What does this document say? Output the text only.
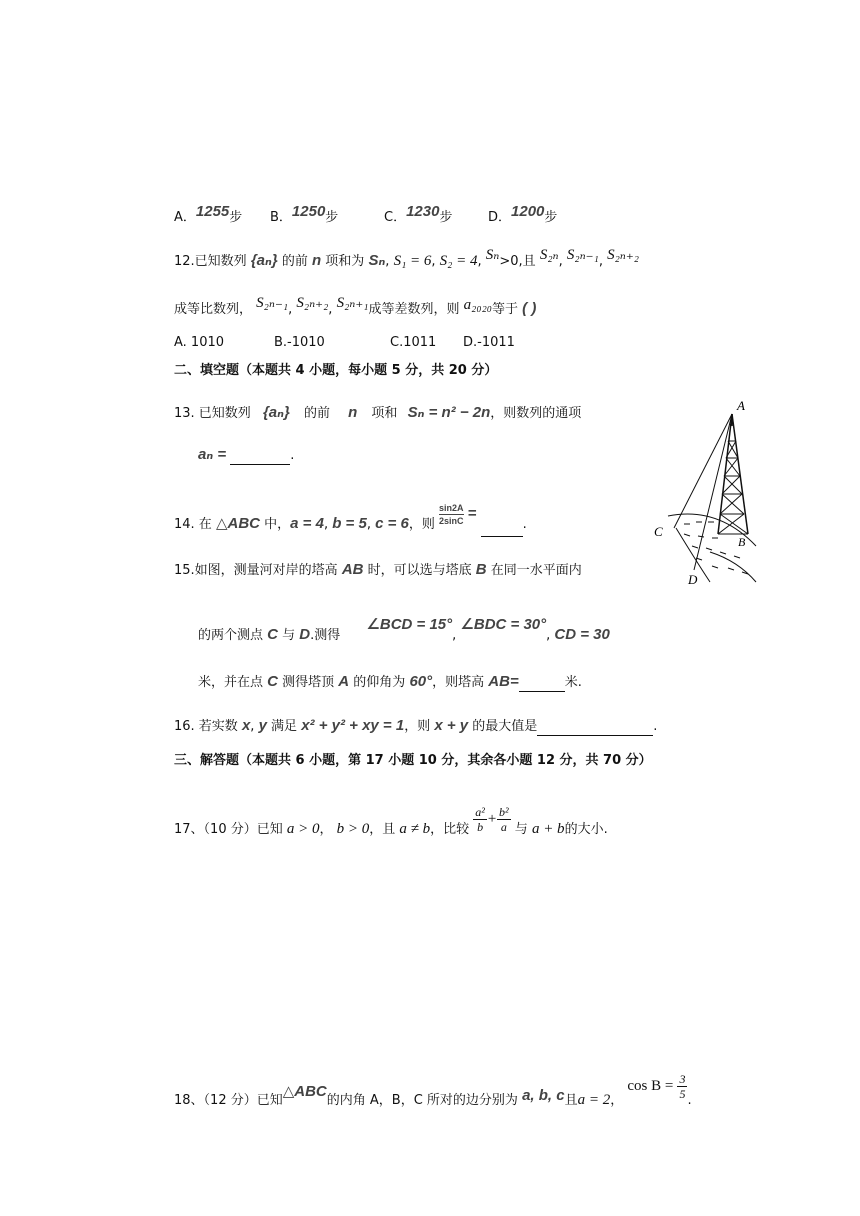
A．1255步 B．1250步	C．1230步	D．1200步
12.已知数列 {aₙ} 的前 n 项和为 Sₙ, S₁ = 6, S₂ = 4, Sₙ>0,且 S₂ₙ, S₂ₙ₋₁, S₂ₙ₊₂
成等比数列， S₂ₙ₋₁, S₂ₙ₊₂, S₂ₙ₊₁成等差数列，则 a₂₀₂₀等于 ( )
A. 1010	B.-1010	C.1011 D.-1011
二、填空题（本题共 4 小题，每小题 5 分，共 20 分）
13. 已知数列 {aₙ} 的前 n 项和 Sₙ = n² − 2n，则数列的通项
aₙ =	.
14. 在 △ABC 中，a = 4, b = 5, c = 6，则 $\frac{\sin 2A}{2\sin C}$ = .
15.如图，测量河对岸的塔高 AB 时，可以选与塔底 B 在同一水平面内
的两个测点 C 与 D.测得 ∠BCD = 15°, ∠BDC = 30°, CD = 30
米，并在点 C 测得塔顶 A 的仰角为 60°，则塔高 AB=	米.
A
B
C
D
16. 若实数 x, y 满足 x² + y² + xy = 1，则 x + y 的最大值是	.
三、解答题（本题共 6 小题，第 17 小题 10 分，其余各小题 12 分，共 70 分）
17、（10 分）已知 a > 0， b > 0，且 a ≠ b，比较 $\frac{\text{a²}}{b} + \frac{\text{b²}}{a}$ 与 a + b的大小.
18、（12 分）已知△ABC的内角 A，B，C 所对的边分别为 a, b, c且a = 2， $\cos B = \frac{3}{5}$ .
